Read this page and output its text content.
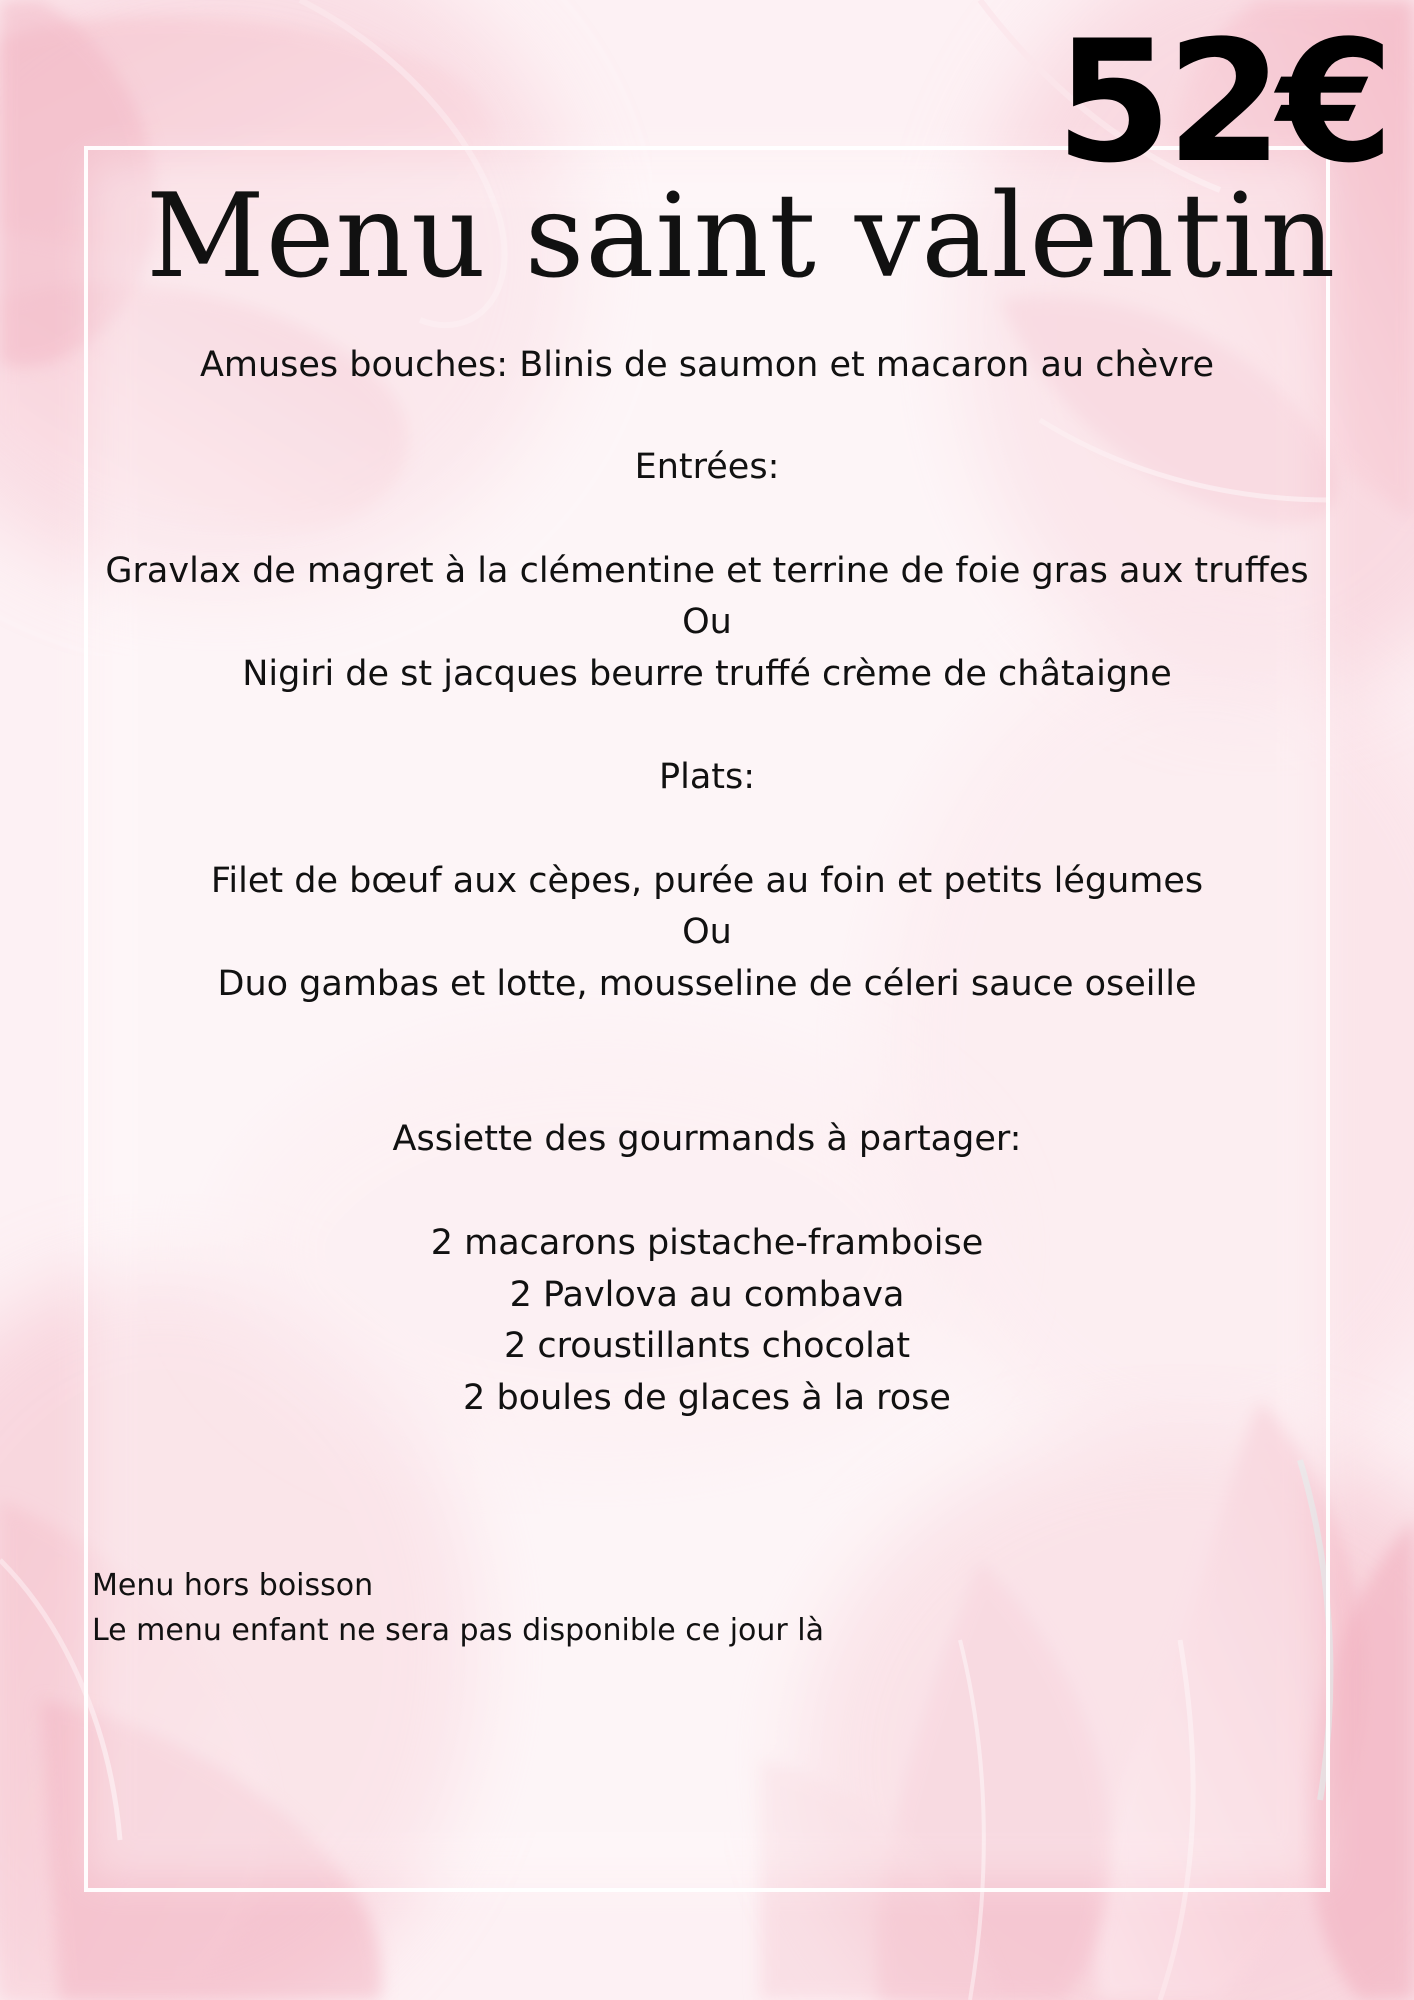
52€
Menu saint valentin
Amuses bouches: Blinis de saumon et macaron au chèvre
Entrées:
Gravlax de magret à la clémentine et terrine de foie gras aux truffes
Ou
Nigiri de st jacques beurre truffé crème de châtaigne
Plats:
Filet de bœuf aux cèpes, purée au foin et petits légumes
Ou
Duo gambas et lotte, mousseline de céleri sauce oseille
Assiette des gourmands à partager:
2 macarons pistache-framboise
2 Pavlova au combava
2 croustillants chocolat
2 boules de glaces à la rose
Menu hors boisson
Le menu enfant ne sera pas disponible ce jour là
